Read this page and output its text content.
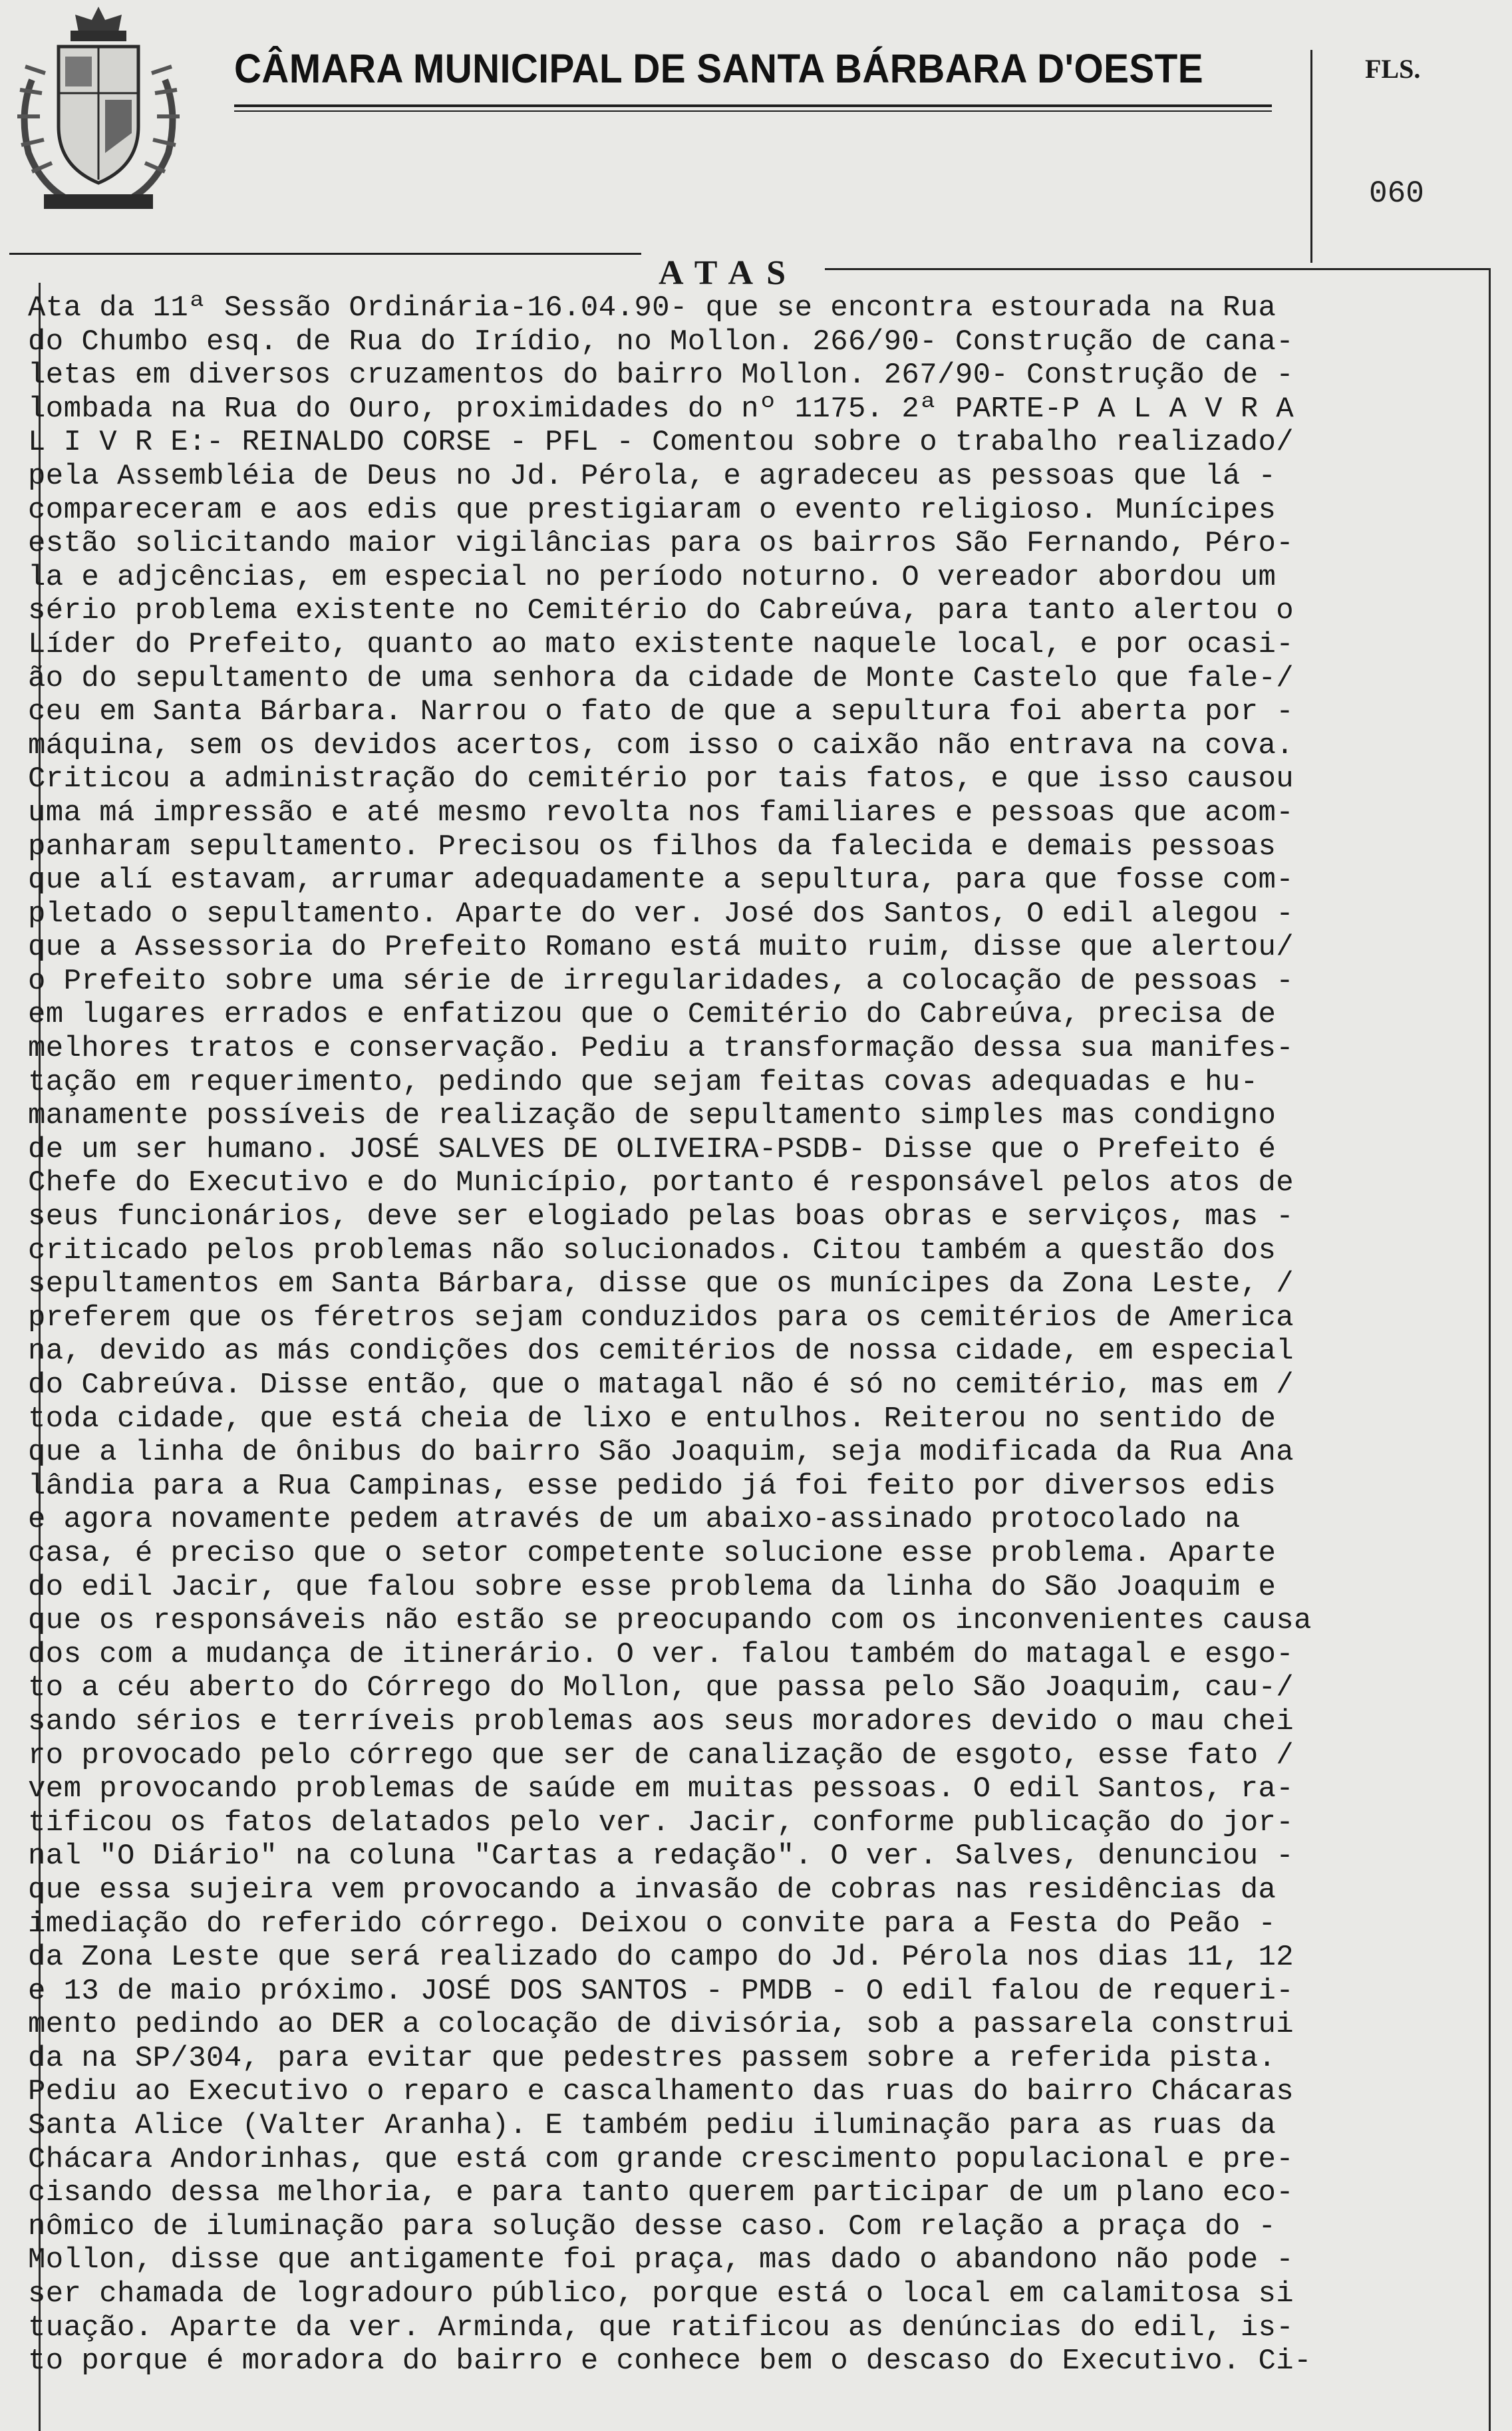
CÂMARA MUNICIPAL DE SANTA BÁRBARA D'OESTE	FLS.
060
ATAS
Ata da 11ª Sessão Ordinária-16.04.90- que se encontra estourada na Rua
do Chumbo esq. de Rua do Irídio, no Mollon. 266/90- Construção de cana-
letas em diversos cruzamentos do bairro Mollon. 267/90- Construção de -
lombada na Rua do Ouro, proximidades do nº 1175. 2ª PARTE-P A L A V R A
L I V R E:- REINALDO CORSE - PFL - Comentou sobre o trabalho realizado/
pela Assembléia de Deus no Jd. Pérola, e agradeceu as pessoas que lá -
compareceram e aos edis que prestigiaram o evento religioso. Munícipes
estão solicitando maior vigilâncias para os bairros São Fernando, Péro-
la e adjcências, em especial no período noturno. O vereador abordou um
sério problema existente no Cemitério do Cabreúva, para tanto alertou o
Líder do Prefeito, quanto ao mato existente naquele local, e por ocasi-
ão do sepultamento de uma senhora da cidade de Monte Castelo que fale-/
ceu em Santa Bárbara. Narrou o fato de que a sepultura foi aberta por -
máquina, sem os devidos acertos, com isso o caixão não entrava na cova.
Criticou a administração do cemitério por tais fatos, e que isso causou
uma má impressão e até mesmo revolta nos familiares e pessoas que acom-
panharam sepultamento. Precisou os filhos da falecida e demais pessoas
que alí estavam, arrumar adequadamente a sepultura, para que fosse com-
pletado o sepultamento. Aparte do ver. José dos Santos, O edil alegou -
que a Assessoria do Prefeito Romano está muito ruim, disse que alertou/
o Prefeito sobre uma série de irregularidades, a colocação de pessoas -
em lugares errados e enfatizou que o Cemitério do Cabreúva, precisa de
melhores tratos e conservação. Pediu a transformação dessa sua manifes-
tação em requerimento, pedindo que sejam feitas covas adequadas e hu-
manamente possíveis de realização de sepultamento simples mas condigno
de um ser humano. JOSÉ SALVES DE OLIVEIRA-PSDB- Disse que o Prefeito é
Chefe do Executivo e do Município, portanto é responsável pelos atos de
seus funcionários, deve ser elogiado pelas boas obras e serviços, mas -
criticado pelos problemas não solucionados. Citou também a questão dos
sepultamentos em Santa Bárbara, disse que os munícipes da Zona Leste, /
preferem que os féretros sejam conduzidos para os cemitérios de America
na, devido as más condições dos cemitérios de nossa cidade, em especial
do Cabreúva. Disse então, que o matagal não é só no cemitério, mas em /
toda cidade, que está cheia de lixo e entulhos. Reiterou no sentido de
que a linha de ônibus do bairro São Joaquim, seja modificada da Rua Ana
lândia para a Rua Campinas, esse pedido já foi feito por diversos edis
e agora novamente pedem através de um abaixo-assinado protocolado na
casa, é preciso que o setor competente solucione esse problema. Aparte
do edil Jacir, que falou sobre esse problema da linha do São Joaquim e
que os responsáveis não estão se preocupando com os inconvenientes causa
dos com a mudança de itinerário. O ver. falou também do matagal e esgo-
to a céu aberto do Córrego do Mollon, que passa pelo São Joaquim, cau-/
sando sérios e terríveis problemas aos seus moradores devido o mau chei
ro provocado pelo córrego que ser de canalização de esgoto, esse fato /
vem provocando problemas de saúde em muitas pessoas. O edil Santos, ra-
tificou os fatos delatados pelo ver. Jacir, conforme publicação do jor-
nal "O Diário" na coluna "Cartas a redação". O ver. Salves, denunciou -
que essa sujeira vem provocando a invasão de cobras nas residências da
imediação do referido córrego. Deixou o convite para a Festa do Peão -
da Zona Leste que será realizado do campo do Jd. Pérola nos dias 11, 12
e 13 de maio próximo. JOSÉ DOS SANTOS - PMDB - O edil falou de requeri-
mento pedindo ao DER a colocação de divisória, sob a passarela construi
da na SP/304, para evitar que pedestres passem sobre a referida pista.
Pediu ao Executivo o reparo e cascalhamento das ruas do bairro Chácaras
Santa Alice (Valter Aranha). E também pediu iluminação para as ruas da
Chácara Andorinhas, que está com grande crescimento populacional e pre-
cisando dessa melhoria, e para tanto querem participar de um plano eco-
nômico de iluminação para solução desse caso. Com relação a praça do -
Mollon, disse que antigamente foi praça, mas dado o abandono não pode -
ser chamada de logradouro público, porque está o local em calamitosa si
tuação. Aparte da ver. Arminda, que ratificou as denúncias do edil, is-
to porque é moradora do bairro e conhece bem o descaso do Executivo. Ci-
